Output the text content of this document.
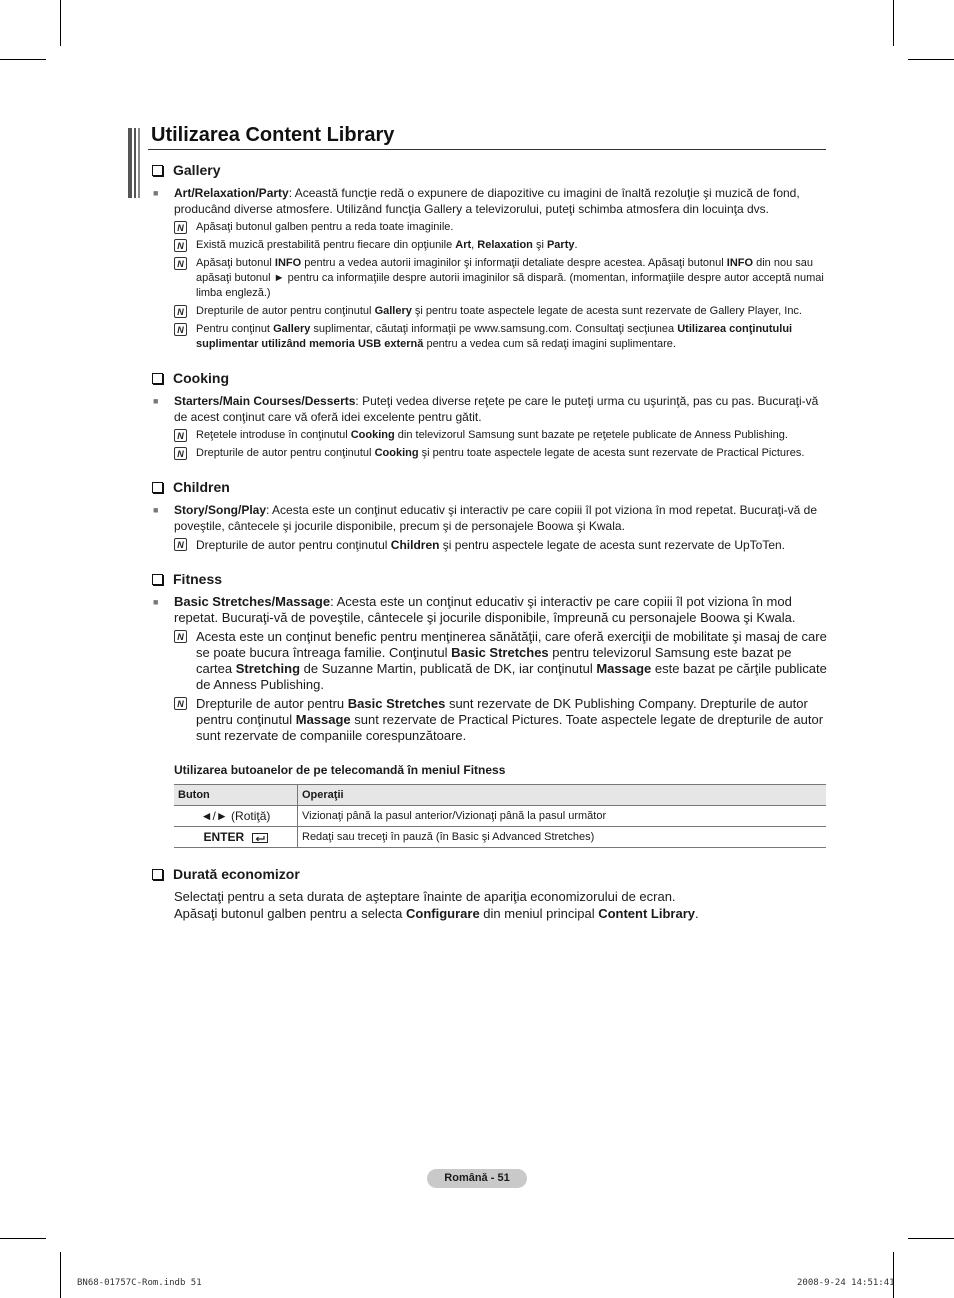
Utilizarea Content Library
Gallery
■	Art/Relaxation/Party: Această funcţie redă o expunere de diapozitive cu imagini de înaltă rezoluţie şi muzică de fond, producând diverse atmosfere. Utilizând funcţia Gallery a televizorului, puteţi schimba atmosfera din locuinţa dvs.
N Apăsaţi butonul galben pentru a reda toate imaginile.
N Există muzică prestabilită pentru fiecare din opţiunile Art, Relaxation şi Party.
N Apăsaţi butonul INFO pentru a vedea autorii imaginilor şi informaţii detaliate despre acestea. Apăsaţi butonul INFO din nou sau apăsaţi butonul ► pentru ca informaţiile despre autorii imaginilor să dispară. (momentan, informaţiile despre autor acceptă numai limba engleză.)
N Drepturile de autor pentru conţinutul Gallery şi pentru toate aspectele legate de acesta sunt rezervate de Gallery Player, Inc.
N Pentru conţinut Gallery suplimentar, căutaţi informaţii pe www.samsung.com. Consultaţi secţiunea Utilizarea conţinutului suplimentar utilizând memoria USB externă pentru a vedea cum să redaţi imagini suplimentare.
Cooking
■	Starters/Main Courses/Desserts: Puteţi vedea diverse reţete pe care le puteţi urma cu uşurinţă, pas cu pas. Bucuraţi-vă de acest conţinut care vă oferă idei excelente pentru gătit.
N Reţetele introduse în conţinutul Cooking din televizorul Samsung sunt bazate pe reţetele publicate de Anness Publishing.
N Drepturile de autor pentru conţinutul Cooking şi pentru toate aspectele legate de acesta sunt rezervate de Practical Pictures.
Children
■	Story/Song/Play: Acesta este un conţinut educativ şi interactiv pe care copiii îl pot viziona în mod repetat. Bucuraţi-vă de poveştile, cântecele şi jocurile disponibile, precum şi de personajele Boowa şi Kwala.
N Drepturile de autor pentru conţinutul Children şi pentru aspectele legate de acesta sunt rezervate de UpToTen.
Fitness
■	Basic Stretches/Massage: Acesta este un conţinut educativ şi interactiv pe care copiii îl pot viziona în mod repetat. Bucuraţi-vă de poveştile, cântecele şi jocurile disponibile, împreună cu personajele Boowa şi Kwala.
N Acesta este un conţinut benefic pentru menţinerea sănătăţii, care oferă exerciţii de mobilitate şi masaj de care se poate bucura întreaga familie. Conţinutul Basic Stretches pentru televizorul Samsung este bazat pe cartea Stretching de Suzanne Martin, publicată de DK, iar conţinutul Massage este bazat pe cărţile publicate de Anness Publishing.
N Drepturile de autor pentru Basic Stretches sunt rezervate de DK Publishing Company. Drepturile de autor pentru conţinutul Massage sunt rezervate de Practical Pictures. Toate aspectele legate de drepturile de autor sunt rezervate de companiile corespunzătoare.
Utilizarea butoanelor de pe telecomandă în meniul Fitness
Buton	Operaţii
◄/► (Rotiţă)	Vizionaţi până la pasul anterior/Vizionaţi până la pasul următor
ENTER	Redaţi sau treceţi în pauză (în Basic şi Advanced Stretches)
Durată economizor
Selectaţi pentru a seta durata de aşteptare înainte de apariţia economizorului de ecran.
Apăsaţi butonul galben pentru a selecta Configurare din meniul principal Content Library.
Română - 51
BN68-01757C-Rom.indb 51	2008-9-24 14:51:41
